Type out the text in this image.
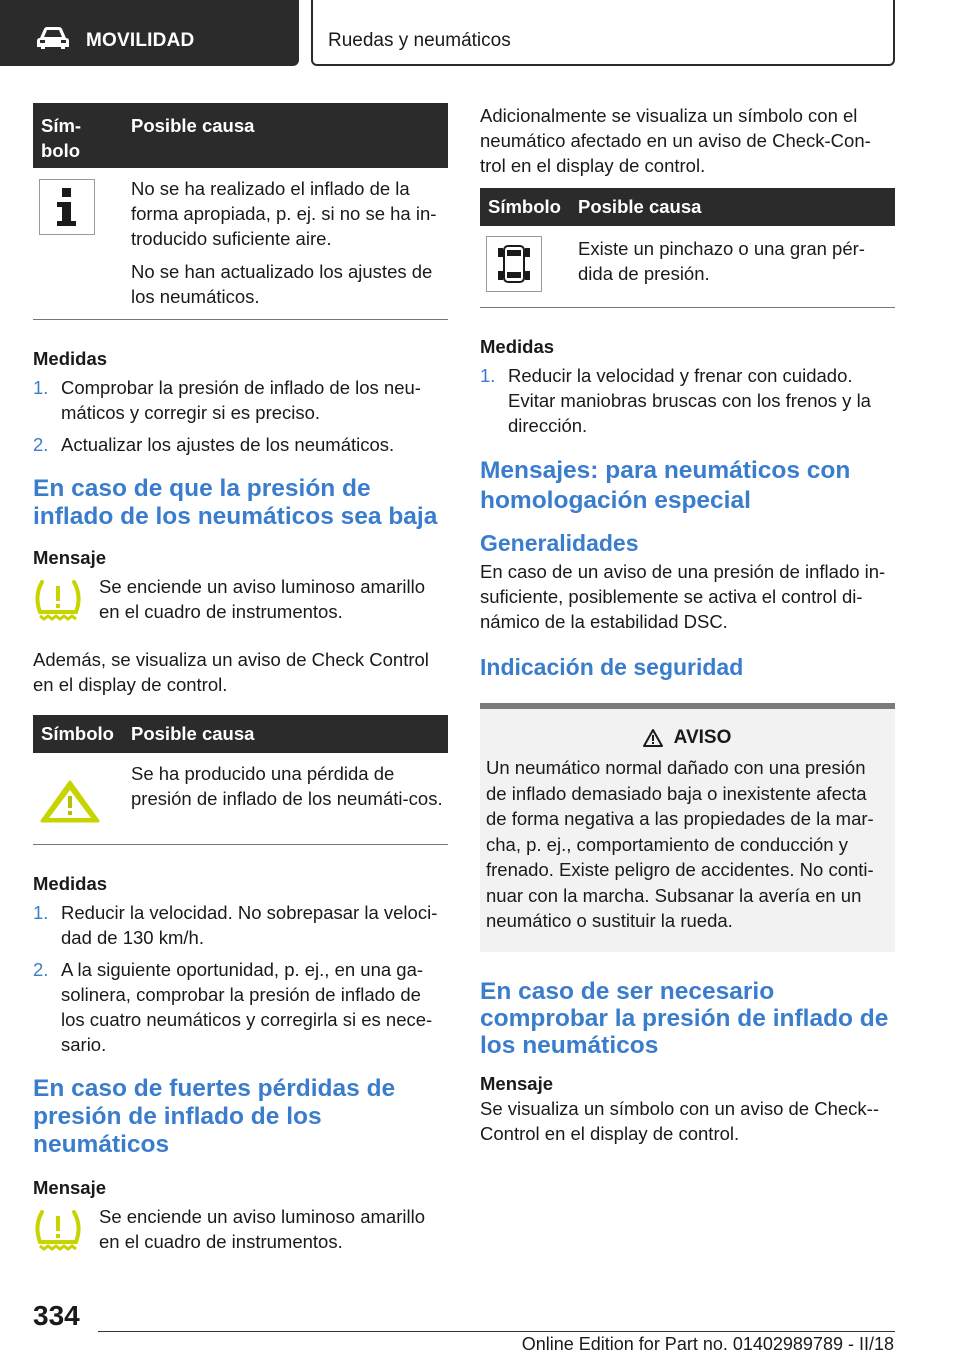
MOVILIDAD	Ruedas y neumáticos
Sím‐
bolo
Posible causa
No se ha realizado el inflado de la forma apropiada, p. ej. si no se ha in‐troducido suficiente aire.
No se han actualizado los ajustes de los neumáticos.
Medidas
1. Comprobar la presión de inflado de los neu‐máticos y corregir si es preciso.
2. Actualizar los ajustes de los neumáticos.
En caso de que la presión de inflado de los neumáticos sea baja
Mensaje
Se enciende un aviso luminoso amarillo en el cuadro de instrumentos.
Además, se visualiza un aviso de Check Control en el display de control.
Símbolo Posible causa
Se ha producido una pérdida de presión de inflado de los neumáti‐cos.
Medidas
1. Reducir la velocidad. No sobrepasar la veloci‐dad de 130 km/h.
2. A la siguiente oportunidad, p. ej., en una ga‐solinera, comprobar la presión de inflado de los cuatro neumáticos y corregirla si es nece‐sario.
En caso de fuertes pérdidas de presión de inflado de los neumáticos
Mensaje
Se enciende un aviso luminoso amarillo en el cuadro de instrumentos.
Adicionalmente se visualiza un símbolo con el neumático afectado en un aviso de Check-Con‐trol en el display de control.
Símbolo Posible causa
Existe un pinchazo o una gran pér‐dida de presión.
Medidas
1. Reducir la velocidad y frenar con cuidado. Evitar maniobras bruscas con los frenos y la dirección.
Mensajes: para neumáticos con homologación especial
Generalidades
En caso de un aviso de una presión de inflado in‐suficiente, posiblemente se activa el control di‐námico de la estabilidad DSC.
Indicación de seguridad
AVISO
Un neumático normal dañado con una presión de inflado demasiado baja o inexistente afecta de forma negativa a las propiedades de la mar‐cha, p. ej., comportamiento de conducción y frenado. Existe peligro de accidentes. No conti‐nuar con la marcha. Subsanar la avería en un neumático o sustituir la rueda.
En caso de ser necesario comprobar la presión de inflado de los neumáticos
Mensaje
Se visualiza un símbolo con un aviso de Check‐-Control en el display de control.
334
Online Edition for Part no. 01402989789 - II/18
